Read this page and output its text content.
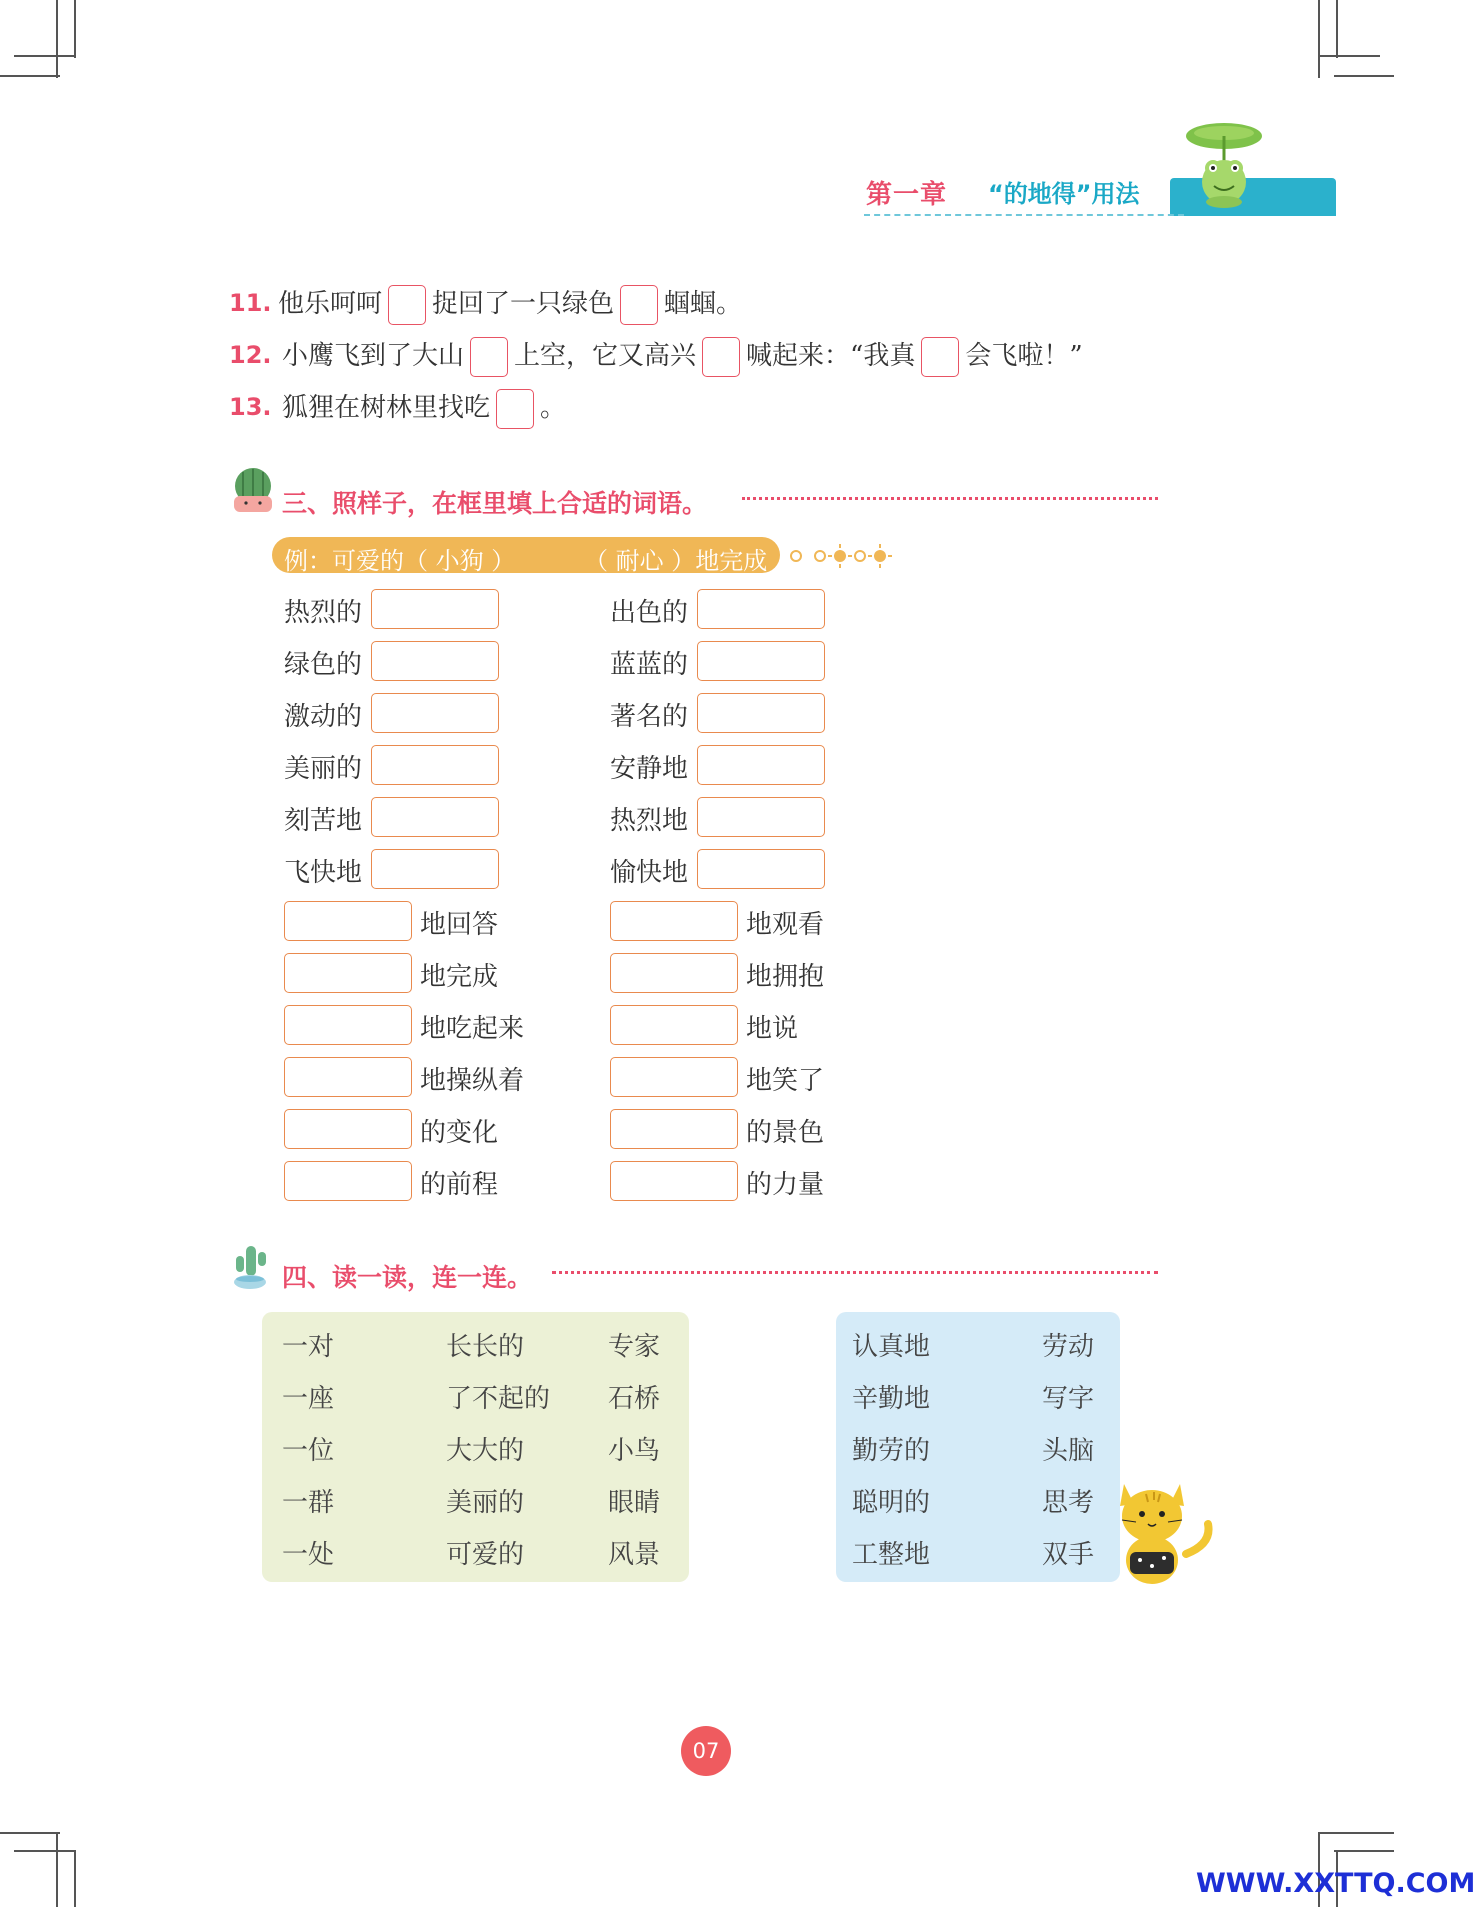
第一章 “的地得”用法
11. 他乐呵呵 捉回了一只绿色 蝈蝈。
12. 小鹰飞到了大山 上空，它又高兴 喊起来：“我真 会飞啦！”
13. 狐狸在树林里找吃 。
三、照样子，在框里填上合适的词语。
例：可爱的（ 小狗 ）	（ 耐心 ）地完成
热烈的
绿色的
激动的
美丽的
刻苦地
飞快地
出色的
蓝蓝的
著名的
安静地
热烈地
愉快地
地回答
地完成
地吃起来
地操纵着
的变化
的前程
地观看
地拥抱
地说
地笑了
的景色
的力量
四、读一读，连一连。
一对
一座
一位
一群
一处
长长的
了不起的
大大的
美丽的
可爱的
专家
石桥
小鸟
眼睛
风景
认真地
辛勤地
勤劳的
聪明的
工整地
劳动
写字
头脑
思考
双手
07
WWW.XXTTQ.COM
